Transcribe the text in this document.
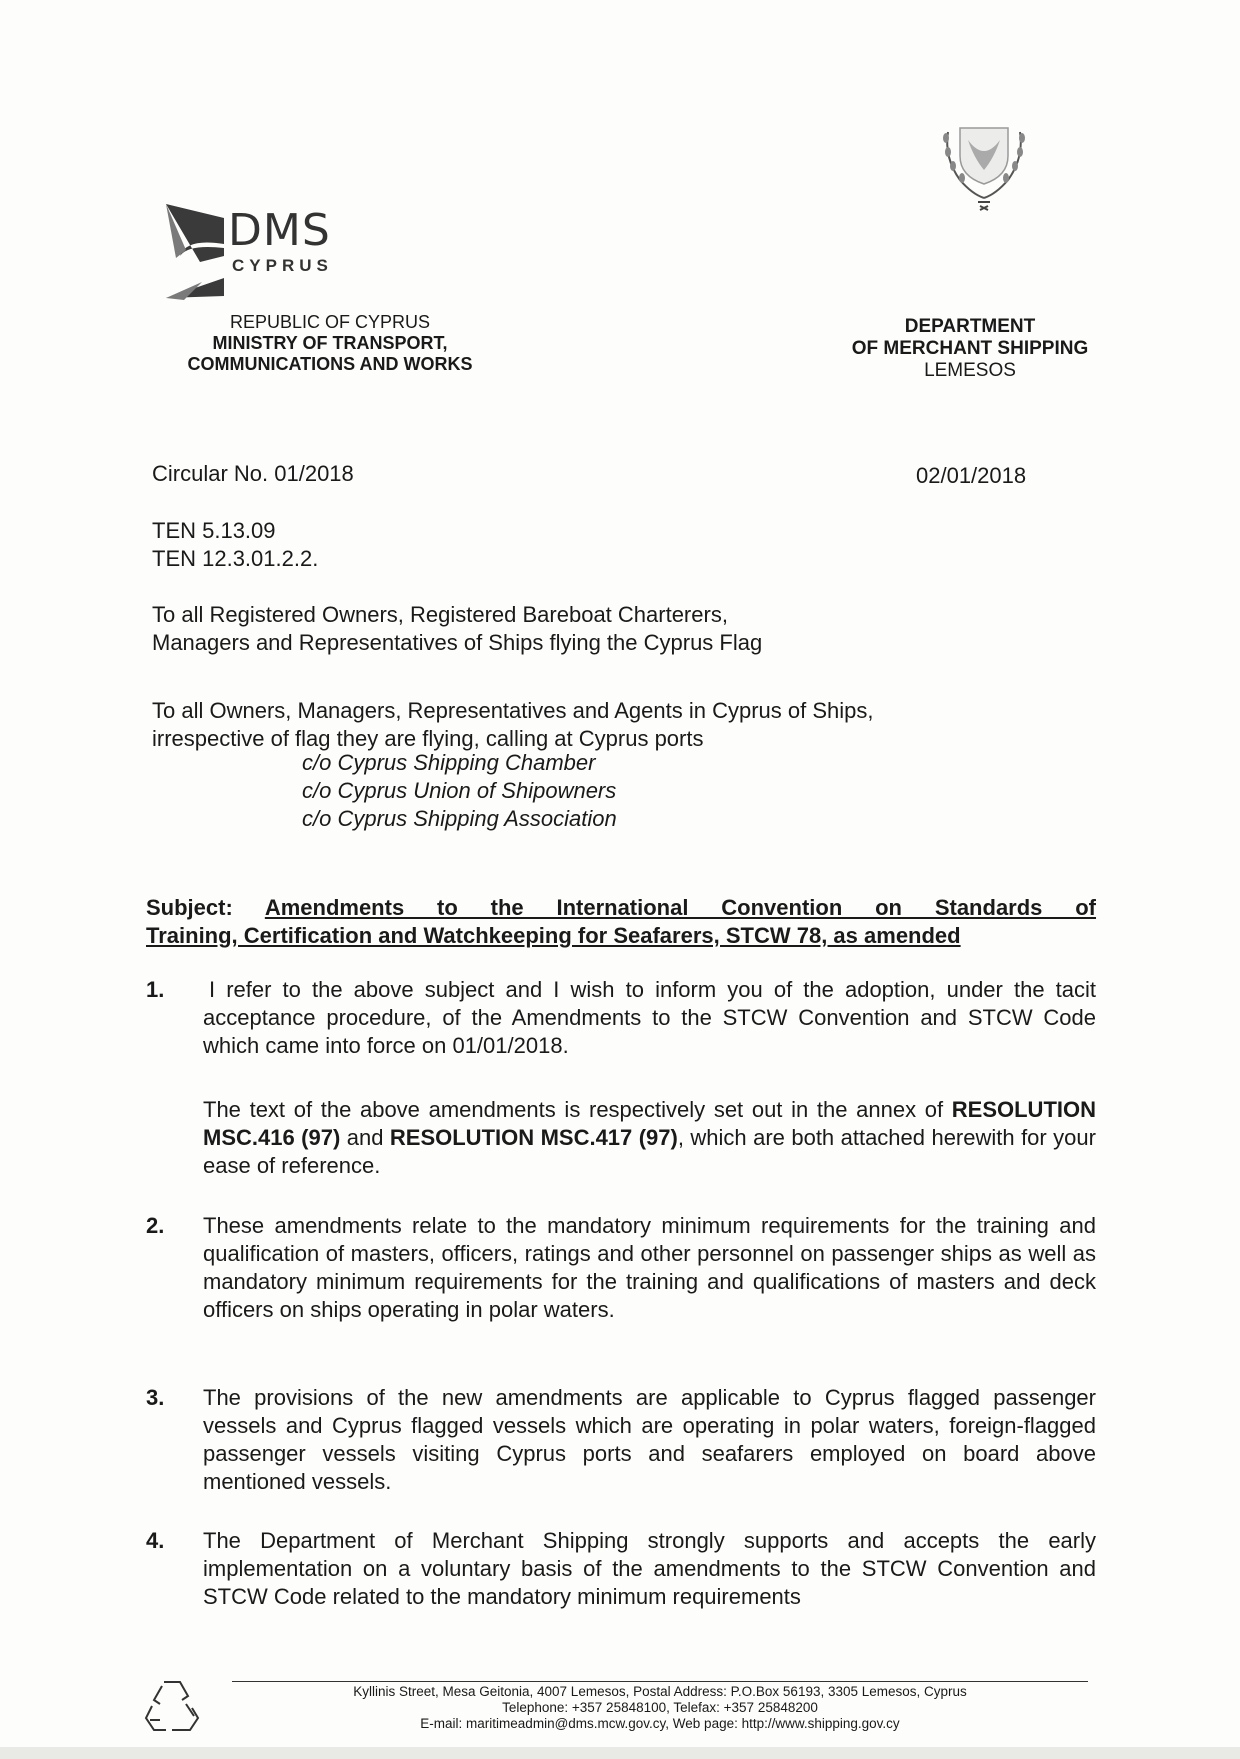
DMS
CYPRUS
REPUBLIC OF CYPRUS
MINISTRY OF TRANSPORT,
COMMUNICATIONS AND WORKS
DEPARTMENT
OF MERCHANT SHIPPING
LEMESOS
Circular No. 01/2018	02/01/2018
TEN 5.13.09
TEN 12.3.01.2.2.
To all Registered Owners, Registered Bareboat Charterers,
Managers and Representatives of Ships flying the Cyprus Flag
To all Owners, Managers, Representatives and Agents in Cyprus of Ships,
irrespective of flag they are flying, calling at Cyprus ports
c/o Cyprus Shipping Chamber
c/o Cyprus Union of Shipowners
c/o Cyprus Shipping Association
Subject: Amendments to the International Convention on Standards of
Training, Certification and Watchkeeping for Seafarers, STCW 78, as amended
1. I refer to the above subject and I wish to inform you of the adoption, under the tacit acceptance procedure, of the Amendments to the STCW Convention and STCW Code which came into force on 01/01/2018.
The text of the above amendments is respectively set out in the annex of RESOLUTION MSC.416 (97) and RESOLUTION MSC.417 (97), which are both attached herewith for your ease of reference.
2. These amendments relate to the mandatory minimum requirements for the training and qualification of masters, officers, ratings and other personnel on passenger ships as well as mandatory minimum requirements for the training and qualifications of masters and deck officers on ships operating in polar waters.
3. The provisions of the new amendments are applicable to Cyprus flagged passenger vessels and Cyprus flagged vessels which are operating in polar waters, foreign-flagged passenger vessels visiting Cyprus ports and seafarers employed on board above mentioned vessels.
4. The Department of Merchant Shipping strongly supports and accepts the early implementation on a voluntary basis of the amendments to the STCW Convention and STCW Code related to the mandatory minimum requirements
Kyllinis Street, Mesa Geitonia, 4007 Lemesos, Postal Address: P.O.Box 56193, 3305 Lemesos, Cyprus
Telephone: +357 25848100, Telefax: +357 25848200
E-mail: maritimeadmin@dms.mcw.gov.cy, Web page: http://www.shipping.gov.cy
